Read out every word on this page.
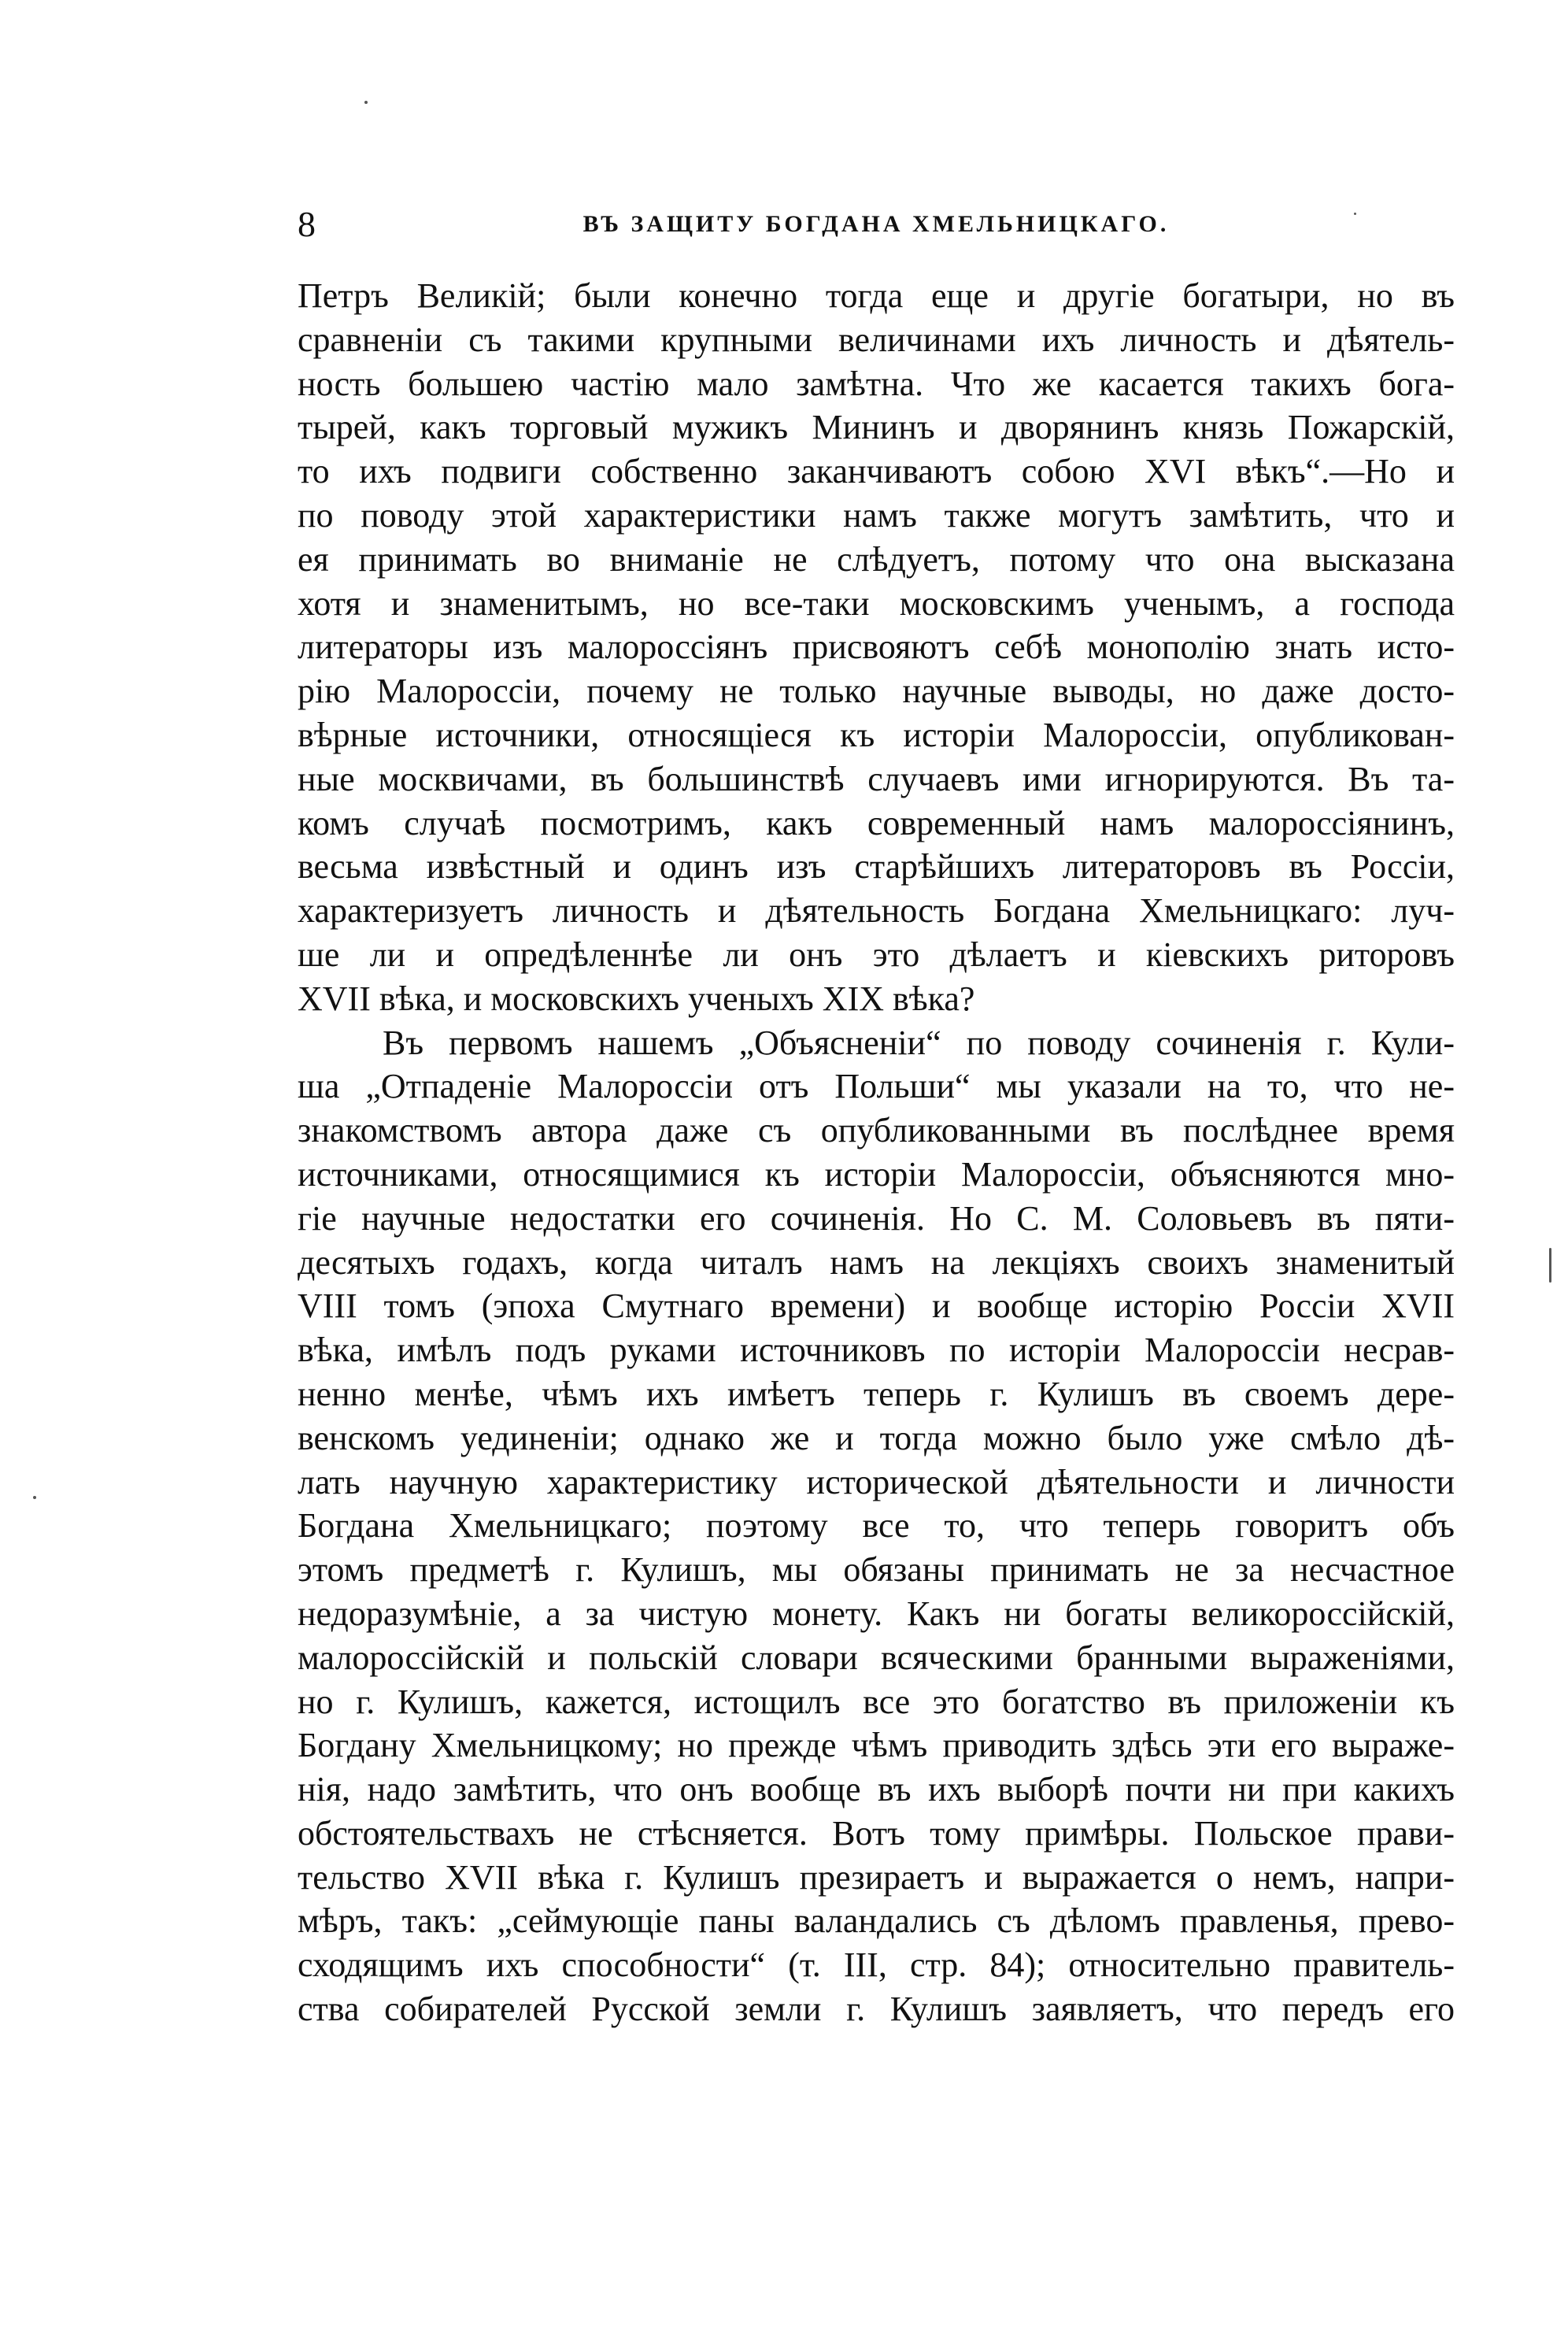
8	ВЪ ЗАЩИТУ БОГДАНА ХМЕЛЬНИЦКАГО.
Петръ Великій; были конечно тогда еще и другіе богатыри, но въ
сравненіи съ такими крупными величинами ихъ личность и дѣятель-
ность большею частію мало замѣтна. Что же касается такихъ бога-
тырей, какъ торговый мужикъ Мининъ и дворянинъ князь Пожарскій,
то ихъ подвиги собственно заканчиваютъ собою XVI вѣкъ“.—Но и
по поводу этой характеристики намъ также могутъ замѣтить, что и
ея принимать во вниманіе не слѣдуетъ, потому что она высказана
хотя и знаменитымъ, но все-таки московскимъ ученымъ, а господа
литераторы изъ малороссіянъ присвояютъ себѣ монополію знать исто-
рію Малороссіи, почему не только научные выводы, но даже досто-
вѣрные источники, относящіеся къ исторіи Малороссіи, опубликован-
ные москвичами, въ большинствѣ случаевъ ими игнорируются. Въ та-
комъ случаѣ посмотримъ, какъ современный намъ малороссіянинъ,
весьма извѣстный и одинъ изъ старѣйшихъ литераторовъ въ Россіи,
характеризуетъ личность и дѣятельность Богдана Хмельницкаго: луч-
ше ли и опредѣленнѣе ли онъ это дѣлаетъ и кіевскихъ риторовъ
XVII вѣка, и московскихъ ученыхъ XIX вѣка?
Въ первомъ нашемъ „Объясненіи“ по поводу сочиненія г. Кули-
ша „Отпаденіе Малороссіи отъ Польши“ мы указали на то, что не-
знакомствомъ автора даже съ опубликованными въ послѣднее время
источниками, относящимися къ исторіи Малороссіи, объясняются мно-
гіе научные недостатки его сочиненія. Но С. М. Соловьевъ въ пяти-
десятыхъ годахъ, когда читалъ намъ на лекціяхъ своихъ знаменитый
VIII томъ (эпоха Смутнаго времени) и вообще исторію Россіи XVII
вѣка, имѣлъ подъ руками источниковъ по исторіи Малороссіи несрав-
ненно менѣе, чѣмъ ихъ имѣетъ теперь г. Кулишъ въ своемъ дере-
венскомъ уединеніи; однако же и тогда можно было уже смѣло дѣ-
лать научную характеристику исторической дѣятельности и личности
Богдана Хмельницкаго; поэтому все то, что теперь говоритъ объ
этомъ предметѣ г. Кулишъ, мы обязаны принимать не за несчастное
недоразумѣніе, а за чистую монету. Какъ ни богаты великороссійскій,
малороссійскій и польскій словари всяческими бранными выраженіями,
но г. Кулишъ, кажется, истощилъ все это богатство въ приложеніи къ
Богдану Хмельницкому; но прежде чѣмъ приводить здѣсь эти его выраже-
нія, надо замѣтить, что онъ вообще въ ихъ выборѣ почти ни при какихъ
обстоятельствахъ не стѣсняется. Вотъ тому примѣры. Польское прави-
тельство XVII вѣка г. Кулишъ презираетъ и выражается о немъ, напри-
мѣръ, такъ: „сеймующіе паны валандались съ дѣломъ правленья, прево-
сходящимъ ихъ способности“ (т. III, стр. 84); относительно правитель-
ства собирателей Русской земли г. Кулишъ заявляетъ, что передъ его
